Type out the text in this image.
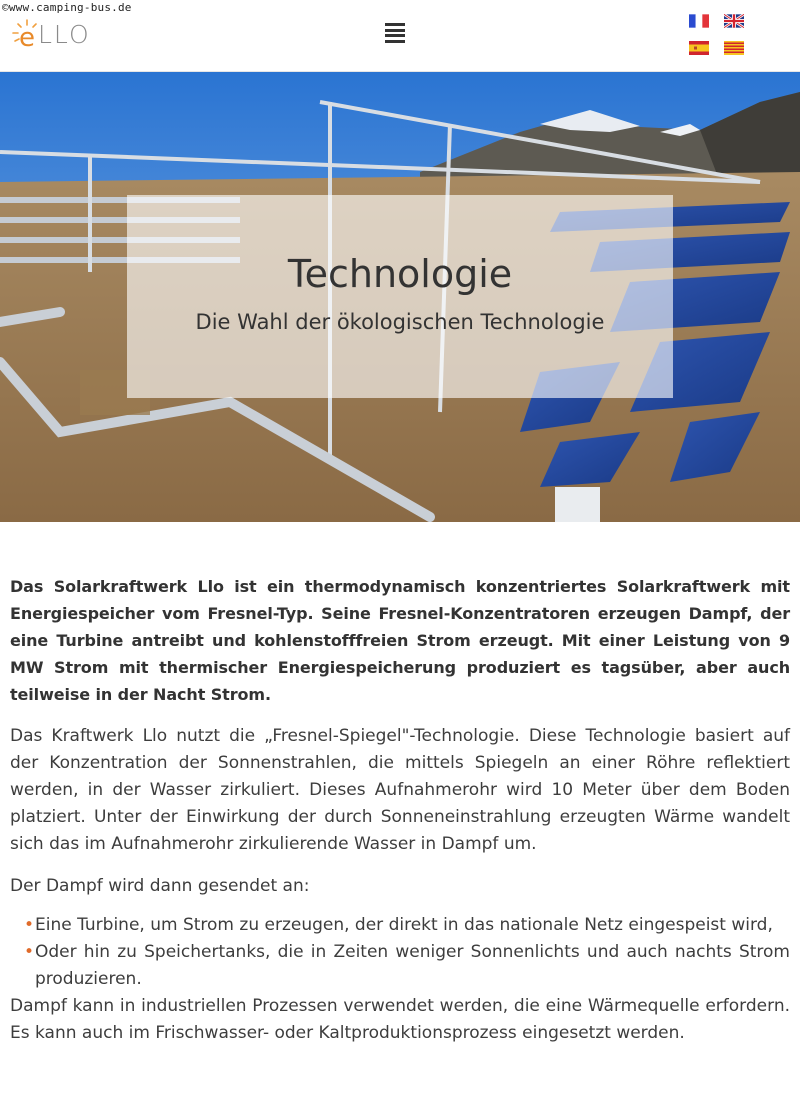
©www.camping-bus.de
e LLO
Technologie
Die Wahl der ökologischen Technologie

Das Solarkraftwerk Llo ist ein thermodynamisch konzentriertes Solarkraftwerk mit Energiespeicher vom Fresnel-Typ. Seine Fresnel-Konzentratoren erzeugen Dampf, der eine Turbine antreibt und kohlenstofffreien Strom erzeugt. Mit einer Leistung von 9 MW Strom mit thermischer Energiespeicherung produziert es tagsüber, aber auch teilweise in der Nacht Strom.

Das Kraftwerk Llo nutzt die „Fresnel-Spiegel"-Technologie. Diese Technologie basiert auf der Konzentration der Sonnenstrahlen, die mittels Spiegeln an einer Röhre reflektiert werden, in der Wasser zirkuliert. Dieses Aufnahmerohr wird 10 Meter über dem Boden platziert. Unter der Einwirkung der durch Sonneneinstrahlung erzeugten Wärme wandelt sich das im Aufnahmerohr zirkulierende Wasser in Dampf um.

Der Dampf wird dann gesendet an:

• Eine Turbine, um Strom zu erzeugen, der direkt in das nationale Netz eingespeist wird,
• Oder hin zu Speichertanks, die in Zeiten weniger Sonnenlichts und auch nachts Strom produzieren.

Dampf kann in industriellen Prozessen verwendet werden, die eine Wärmequelle erfordern. Es kann auch im Frischwasser- oder Kaltproduktionsprozess eingesetzt werden.
